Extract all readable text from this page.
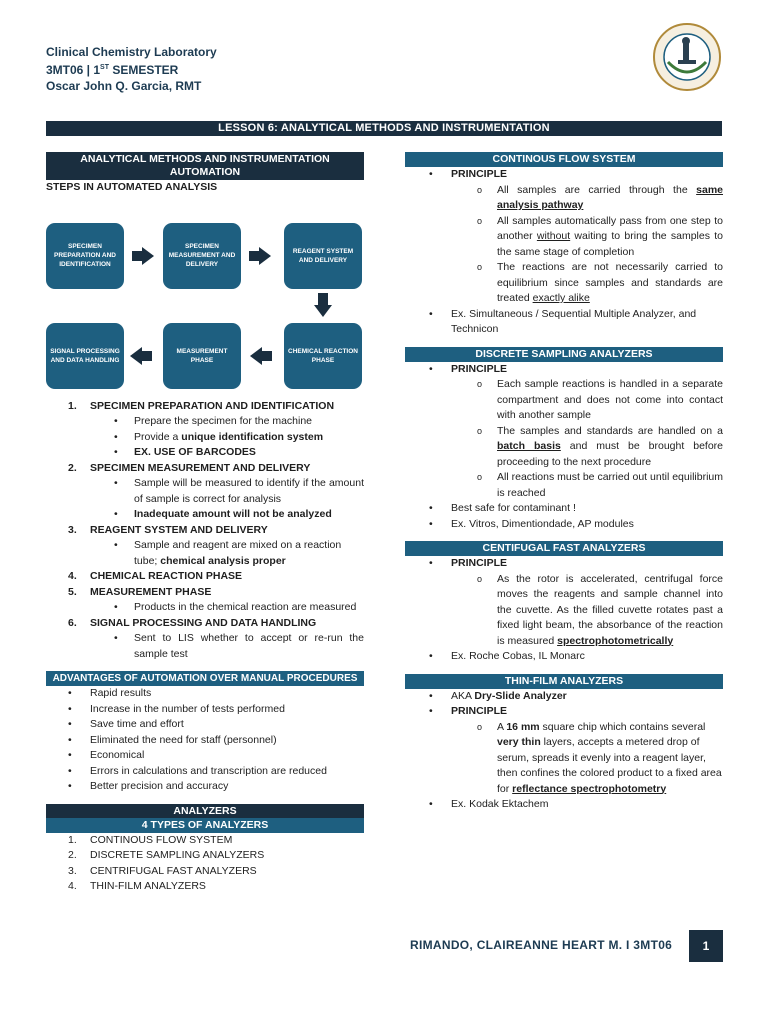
Clinical Chemistry Laboratory
3MT06 | 1ST SEMESTER
Oscar John Q. Garcia, RMT
LESSON 6: ANALYTICAL METHODS AND INSTRUMENTATION
ANALYTICAL METHODS AND INSTRUMENTATION
AUTOMATION
STEPS IN AUTOMATED ANALYSIS
SPECIMEN PREPARATION AND IDENTIFICATION
SPECIMEN MEASUREMENT AND DELIVERY
REAGENT SYSTEM AND DELIVERY
CHEMICAL REACTION PHASE
MEASUREMENT PHASE
SIGNAL PROCESSING AND DATA HANDLING
1. SPECIMEN PREPARATION AND IDENTIFICATION
• Prepare the specimen for the machine
• Provide a unique identification system
• EX. USE OF BARCODES
2. SPECIMEN MEASUREMENT AND DELIVERY
• Sample will be measured to identify if the amount of sample is correct for analysis
• Inadequate amount will not be analyzed
3. REAGENT SYSTEM AND DELIVERY
• Sample and reagent are mixed on a reaction tube; chemical analysis proper
4. CHEMICAL REACTION PHASE
5. MEASUREMENT PHASE
• Products in the chemical reaction are measured
6. SIGNAL PROCESSING AND DATA HANDLING
• Sent to LIS whether to accept or re-run the sample test
ADVANTAGES OF AUTOMATION OVER MANUAL PROCEDURES
• Rapid results
• Increase in the number of tests performed
• Save time and effort
• Eliminated the need for staff (personnel)
• Economical
• Errors in calculations and transcription are reduced
• Better precision and accuracy
ANALYZERS
4 TYPES OF ANALYZERS
1. CONTINOUS FLOW SYSTEM
2. DISCRETE SAMPLING ANALYZERS
3. CENTRIFUGAL FAST ANALYZERS
4. THIN-FILM ANALYZERS
CONTINOUS FLOW SYSTEM
• PRINCIPLE
o All samples are carried through the same analysis pathway
o All samples automatically pass from one step to another without waiting to bring the samples to the same stage of completion
o The reactions are not necessarily carried to equilibrium since samples and standards are treated exactly alike
• Ex. Simultaneous / Sequential Multiple Analyzer, and Technicon
DISCRETE SAMPLING ANALYZERS
• PRINCIPLE
o Each sample reactions is handled in a separate compartment and does not come into contact with another sample
o The samples and standards are handled on a batch basis and must be brought before proceeding to the next procedure
o All reactions must be carried out until equilibrium is reached
• Best safe for contaminant !
• Ex. Vitros, Dimentiondade, AP modules
CENTIFUGAL FAST ANALYZERS
• PRINCIPLE
o As the rotor is accelerated, centrifugal force moves the reagents and sample channel into the cuvette. As the filled cuvette rotates past a fixed light beam, the absorbance of the reaction is measured spectrophotometrically
• Ex. Roche Cobas, IL Monarc
THIN-FILM ANALYZERS
• AKA Dry-Slide Analyzer
• PRINCIPLE
o A 16 mm square chip which contains several very thin layers, accepts a metered drop of serum, spreads it evenly into a reagent layer, then confines the colored product to a fixed area for reflectance spectrophotometry
• Ex. Kodak Ektachem
RIMANDO, CLAIREANNE HEART M. I 3MT06	1
